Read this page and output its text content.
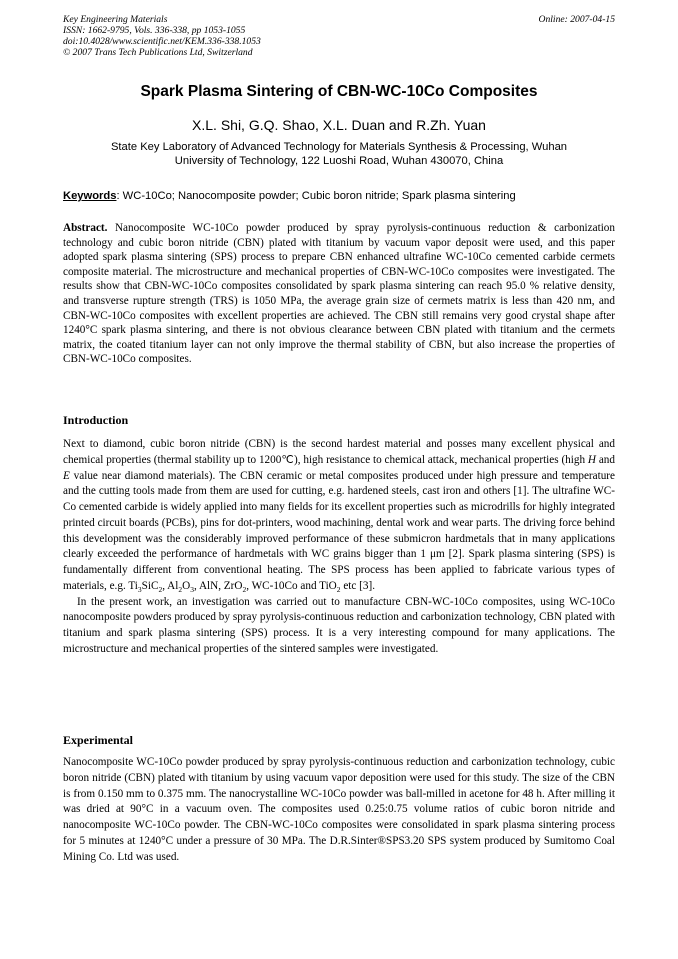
Key Engineering Materials
ISSN: 1662-9795, Vols. 336-338, pp 1053-1055
doi:10.4028/www.scientific.net/KEM.336-338.1053
© 2007 Trans Tech Publications Ltd, Switzerland
Online: 2007-04-15
Spark Plasma Sintering of CBN-WC-10Co Composites
X.L. Shi, G.Q. Shao, X.L. Duan and R.Zh. Yuan
State Key Laboratory of Advanced Technology for Materials Synthesis & Processing, Wuhan
University of Technology, 122 Luoshi Road, Wuhan 430070, China
Keywords: WC-10Co; Nanocomposite powder; Cubic boron nitride; Spark plasma sintering
Abstract. Nanocomposite WC-10Co powder produced by spray pyrolysis-continuous reduction & carbonization technology and cubic boron nitride (CBN) plated with titanium by vacuum vapor deposit were used, and this paper adopted spark plasma sintering (SPS) process to prepare CBN enhanced ultrafine WC-10Co cemented carbide cermets composite material. The microstructure and mechanical properties of CBN-WC-10Co composites were investigated. The results show that CBN-WC-10Co composites consolidated by spark plasma sintering can reach 95.0 % relative density, and transverse rupture strength (TRS) is 1050 MPa, the average grain size of cermets matrix is less than 420 nm, and CBN-WC-10Co composites with excellent properties are achieved. The CBN still remains very good crystal shape after 1240°C spark plasma sintering, and there is not obvious clearance between CBN plated with titanium and the cermets matrix, the coated titanium layer can not only improve the thermal stability of CBN, but also increase the properties of CBN-WC-10Co composites.
Introduction

Next to diamond, cubic boron nitride (CBN) is the second hardest material and posses many excellent physical and chemical properties (thermal stability up to 1200℃), high resistance to chemical attack, mechanical properties (high H and E value near diamond materials). The CBN ceramic or metal composites produced under high pressure and temperature and the cutting tools made from them are used for cutting, e.g. hardened steels, cast iron and others [1]. The ultrafine WC-Co cemented carbide is widely applied into many fields for its excellent properties such as microdrills for highly integrated printed circuit boards (PCBs), pins for dot-printers, wood machining, dental work and wear parts. The driving force behind this development was the considerably improved performance of these submicron hardmetals that in many applications clearly exceeded the performance of hardmetals with WC grains bigger than 1 μm [2]. Spark plasma sintering (SPS) is fundamentally different from conventional heating. The SPS process has been applied to fabricate various types of materials, e.g. $Ti_3SiC_2$, $Al_2O_3$, AlN, ZrO$_2$, WC-10Co and TiO$_2$ etc [3].

In the present work, an investigation was carried out to manufacture CBN-WC-10Co composites, using WC-10Co nanocomposite powders produced by spray pyrolysis-continuous reduction and carbonization technology, CBN plated with titanium and spark plasma sintering (SPS) process. It is a very interesting compound for many applications. The microstructure and mechanical properties of the sintered samples were investigated.

Experimental

Nanocomposite WC-10Co powder produced by spray pyrolysis-continuous reduction and carbonization technology, cubic boron nitride (CBN) plated with titanium by using vacuum vapor deposition were used for this study. The size of the CBN is from 0.150 mm to 0.375 mm. The nanocrystalline WC-10Co powder was ball-milled in acetone for 48 h. After milling it was dried at 90°C in a vacuum oven. The composites used 0.25:0.75 volume ratios of cubic boron nitride and nanocomposite WC-10Co powder. The CBN-WC-10Co composites were consolidated in spark plasma sintering process for 5 minutes at 1240°C under a pressure of 30 MPa. The D.R.Sinter®SPS3.20 SPS system produced by Sumitomo Coal Mining Co. Ltd was used.
